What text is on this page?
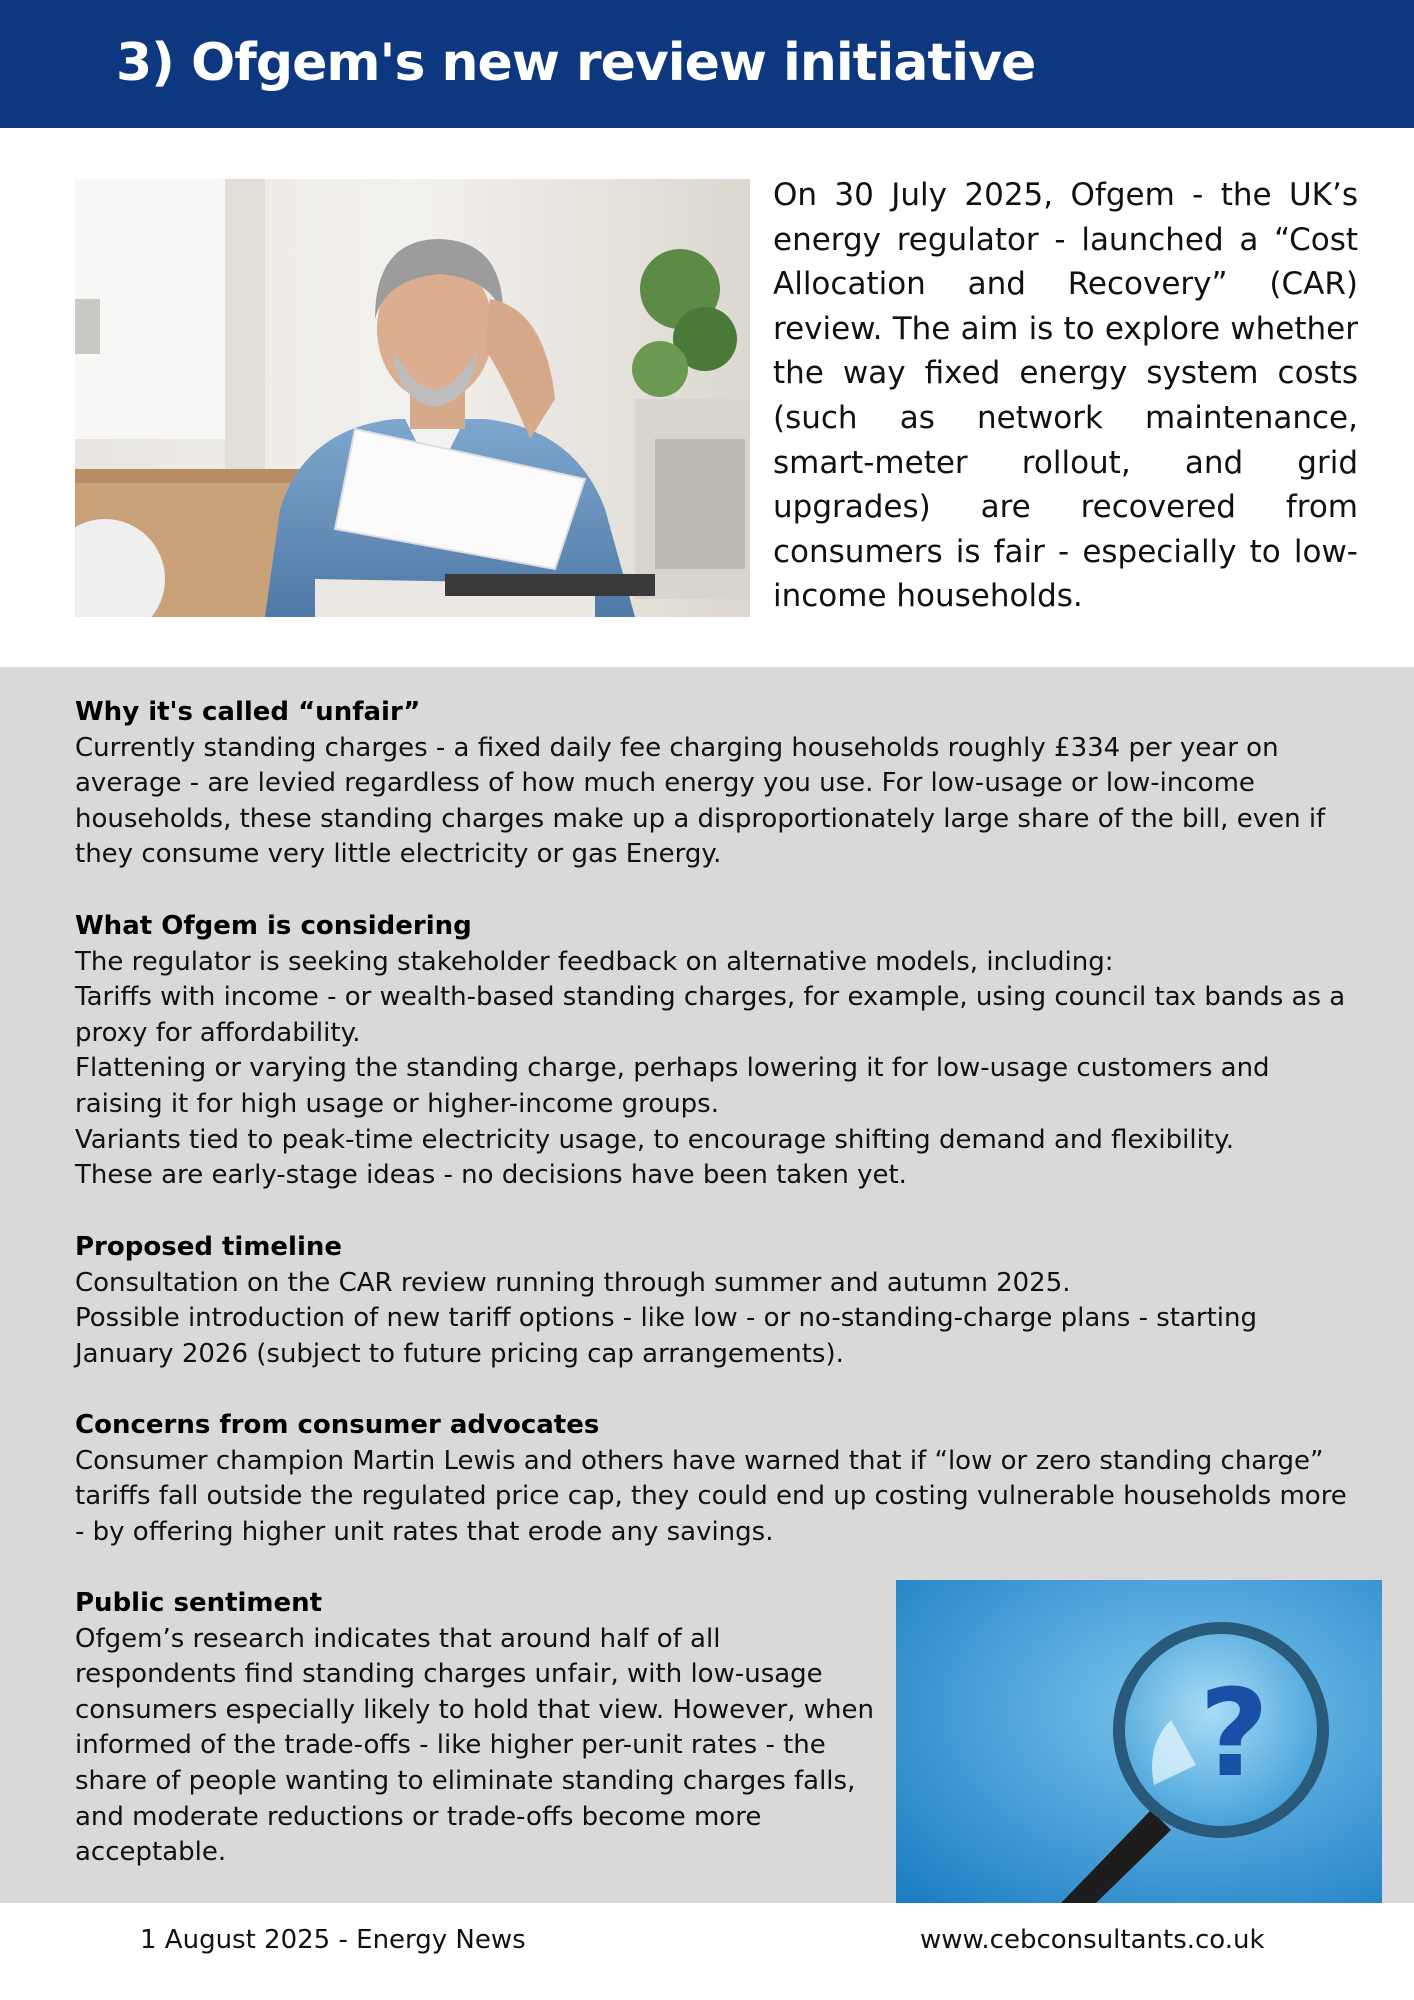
3) Ofgem's new review initiative

On 30 July 2025, Ofgem - the UK’s energy regulator - launched a “Cost Allocation and Recovery” (CAR) review. The aim is to explore whether the way fixed energy system costs (such as network maintenance, smart-meter rollout, and grid upgrades) are recovered from consumers is fair - especially to low-income households.

Why it's called “unfair”

Currently standing charges - a fixed daily fee charging households roughly £334 per year on average - are levied regardless of how much energy you use. For low-usage or low-income households, these standing charges make up a disproportionately large share of the bill, even if they consume very little electricity or gas Energy.

What Ofgem is considering
The regulator is seeking stakeholder feedback on alternative models, including:
Tariffs with income - or wealth-based standing charges, for example, using council tax bands as a proxy for affordability.
Flattening or varying the standing charge, perhaps lowering it for low-usage customers and raising it for high usage or higher-income groups.
Variants tied to peak-time electricity usage, to encourage shifting demand and flexibility.
These are early-stage ideas - no decisions have been taken yet.
Proposed timeline
Consultation on the CAR review running through summer and autumn 2025.
Possible introduction of new tariff options - like low - or no-standing-charge plans - starting January 2026 (subject to future pricing cap arrangements).
Concerns from consumer advocates

Consumer champion Martin Lewis and others have warned that if “low or zero standing charge” tariffs fall outside the regulated price cap, they could end up costing vulnerable households more - by offering higher unit rates that erode any savings.

Public sentiment

Ofgem’s research indicates that around half of all respondents find standing charges unfair, with low-usage consumers especially likely to hold that view. However, when informed of the trade-offs - like higher per-unit rates - the share of people wanting to eliminate standing charges falls, and moderate reductions or trade-offs become more acceptable.

?
1 August 2025 - Energy News	www.cebconsultants.co.uk
